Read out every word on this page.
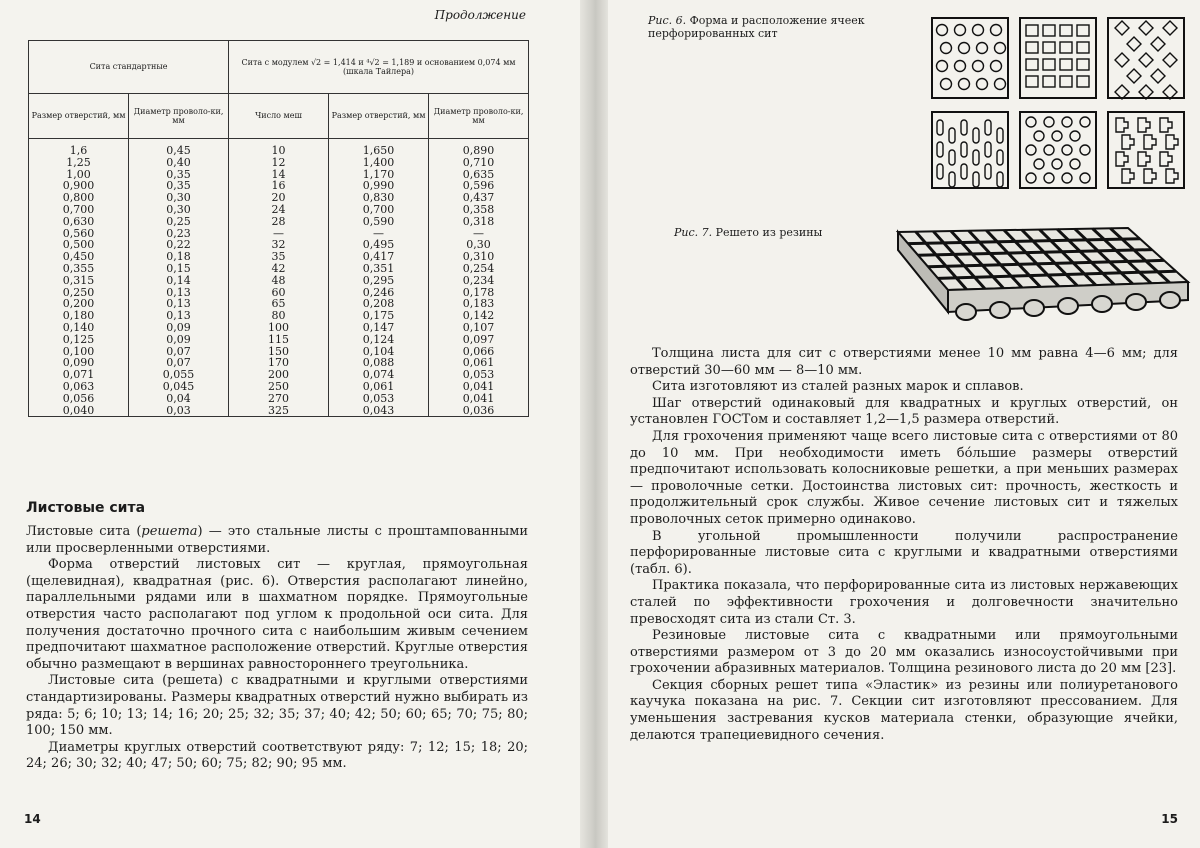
Продолжение
Сита стандартные		Сита с модулем √2 = 1,414 и ⁴√2 = 1,189 и основанием 0,074 мм (шкала Тайлера)		
Размер отверстий, мм	Диаметр проволо-ки, мм	Число меш	Размер отверстий, мм	Диаметр проволо-ки, мм
1,6	0,45	10	1,650	0,890
1,25	0,40	12	1,400	0,710
1,00	0,35	14	1,170	0,635
0,900	0,35	16	0,990	0,596
0,800	0,30	20	0,830	0,437
0,700	0,30	24	0,700	0,358
0,630	0,25	28	0,590	0,318
0,560	0,23	—	—	—
0,500	0,22	32	0,495	0,30
0,450	0,18	35	0,417	0,310
0,355	0,15	42	0,351	0,254
0,315	0,14	48	0,295	0,234
0,250	0,13	60	0,246	0,178
0,200	0,13	65	0,208	0,183
0,180	0,13	80	0,175	0,142
0,140	0,09	100	0,147	0,107
0,125	0,09	115	0,124	0,097
0,100	0,07	150	0,104	0,066
0,090	0,07	170	0,088	0,061
0,071	0,055	200	0,074	0,053
0,063	0,045	250	0,061	0,041
0,056	0,04	270	0,053	0,041
0,040	0,03	325	0,043	0,036
Листовые сита

Листовые сита (решета) — это стальные листы с проштампованными или просверленными отверстиями.

Форма отверстий листовых сит — круглая, прямоугольная (щелевидная), квадратная (рис. 6). Отверстия располагают линейно, параллельными рядами или в шахматном порядке. Прямоугольные отверстия часто располагают под углом к продольной оси сита. Для получения достаточно прочного сита с наибольшим живым сечением предпочитают шахматное расположение отверстий. Круглые отверстия обычно размещают в вершинах равностороннего треугольника.

Листовые сита (решета) с квадратными и круглыми отверстиями стандартизированы. Размеры квадратных отверстий нужно выбирать из ряда: 5; 6; 10; 13; 14; 16; 20; 25; 32; 35; 37; 40; 42; 50; 60; 65; 70; 75; 80; 100; 150 мм.

Диаметры круглых отверстий соответствуют ряду: 7; 12; 15; 18; 20; 24; 26; 30; 32; 40; 47; 50; 60; 75; 82; 90; 95 мм.

14
Рис. 6. Форма и расположение ячеек перфорированных сит
Рис. 7. Решето из резины

Толщина листа для сит с отверстиями менее 10 мм равна 4—6 мм; для отверстий 30—60 мм — 8—10 мм.

Сита изготовляют из сталей разных марок и сплавов.

Шаг отверстий одинаковый для квадратных и круглых отверстий, он установлен ГОСТом и составляет 1,2—1,5 размера отверстий.

Для грохочения применяют чаще всего листовые сита с отверстиями от 80 до 10 мм. При необходимости иметь бо́льшие размеры отверстий предпочитают использовать колосниковые решетки, а при меньших размерах — проволочные сетки. Достоинства листовых сит: прочность, жесткость и продолжительный срок службы. Живое сечение листовых сит и тяжелых проволочных сеток примерно одинаково.

В угольной промышленности получили распространение перфорированные листовые сита с круглыми и квадратными отверстиями (табл. 6).

Практика показала, что перфорированные сита из листовых нержавеющих сталей по эффективности грохочения и долговечности значительно превосходят сита из стали Ст. 3.

Резиновые листовые сита с квадратными или прямоугольными отверстиями размером от 3 до 20 мм оказались износоустойчивыми при грохочении абразивных материалов. Толщина резинового листа до 20 мм [23].

Секция сборных решет типа «Эластик» из резины или полиуретанового каучука показана на рис. 7. Секции сит изготовляют прессованием. Для уменьшения застревания кусков материала стенки, образующие ячейки, делаются трапециевидного сечения.

15
